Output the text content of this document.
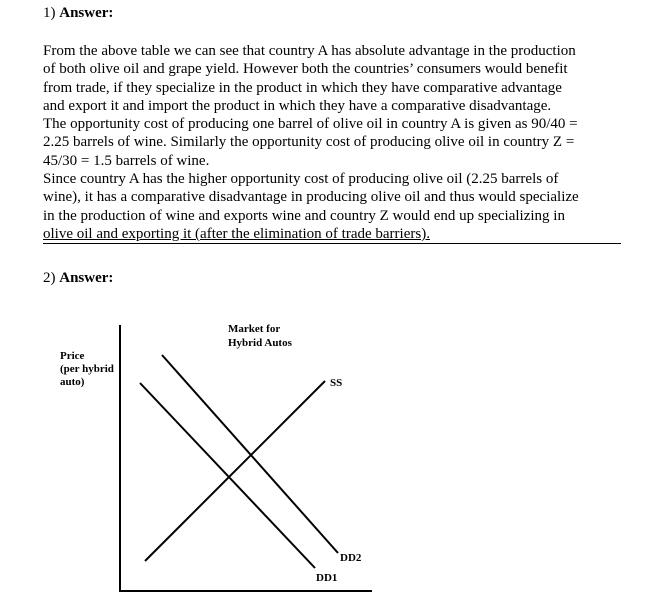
1) Answer:
From the above table we can see that country A has absolute advantage in the production
of both olive oil and grape yield. However both the countries’ consumers would benefit
from trade, if they specialize in the product in which they have comparative advantage
and export it and import the product in which they have a comparative disadvantage.
The opportunity cost of producing one barrel of olive oil in country A is given as 90/40 =
2.25 barrels of wine. Similarly the opportunity cost of producing olive oil in country Z =
45/30 = 1.5 barrels of wine.
Since country A has the higher opportunity cost of producing olive oil (2.25 barrels of
wine), it has a comparative disadvantage in producing olive oil and thus would specialize
in the production of wine and exports wine and country Z would end up specializing in
olive oil and exporting it (after the elimination of trade barriers).
2) Answer:
Market for
Hybrid Autos
Price
(per hybrid
auto)	SS
DD2
DD1
